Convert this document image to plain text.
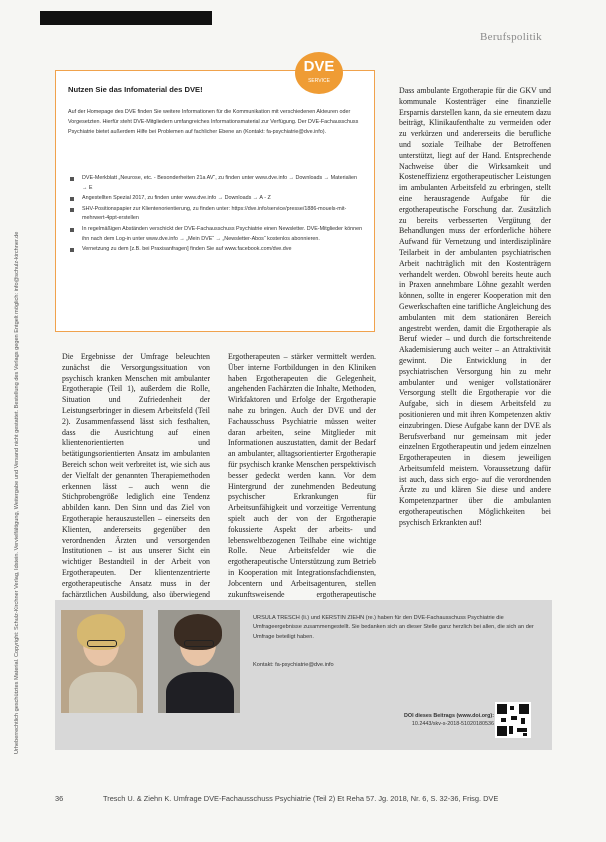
Berufspolitik
Urheberrechtlich geschütztes Material. Copyright: Schulz-Kirchner Verlag, Idstein. Vervielfältigung, Weitergabe und Versand nicht gestattet. Bestellung des Verlags gegen Entgelt möglich: info@schulz-kirchner.de
Nutzen Sie das Infomaterial des DVE!

Auf der Homepage des DVE finden Sie weitere Informationen für die Kommunikation mit verschiedenen Akteuren oder Vorgesetzten. Hierfür steht DVE-Mitgliedern umfangreiches Informationsmaterial zur Verfügung. Der DVE-Fachausschuss Psychiatrie bietet außerdem Hilfe bei Problemen auf fachlicher Ebene an (Kontakt: fa-psychiatrie@dve.info).

DVE-Merkblatt „Neurose, etc. - Besonderheiten 21a AV“, zu finden unter www.dve.info → Downloads → Materialien → E
Angestellten Spezial 2017, zu finden unter www.dve.info → Downloads → A - Z
SHV-Positionspapier zur Klientenorientierung, zu finden unter: https://dve.info/service/presse/1886-mouels-mit-mehrwert-4ppt-erstellen
In regelmäßigen Abständen verschickt der DVE-Fachausschuss Psychiatrie einen Newsletter. DVE-Mitglieder können ihn nach dem Log-in unter www.dve.info → „Mein DVE“ → „Newsletter-Abos“ kostenlos abonnieren.
Vernetzung zu dem [z.B. bei Praxisanfragen] finden Sie auf www.facebook.com/dve.dve
DVE
SERVICE

Die Ergebnisse der Umfrage beleuchten zunächst die Versorgungssituation von psychisch kranken Menschen mit ambulanter Ergotherapie (Teil 1), außerdem die Rolle, Situation und Zufriedenheit der Leistungserbringer in diesem Arbeitsfeld (Teil 2). Zusammenfassend lässt sich festhalten, dass die Ausrichtung auf einen klientenorientierten und betätigungsorientierten Ansatz im ambulanten Bereich schon weit verbreitet ist, wie sich aus der Vielfalt der genannten Therapiemethoden erkennen lässt – auch wenn die Stichprobengröße lediglich eine Tendenz abbilden kann. Den Sinn und das Ziel von Ergotherapie herauszustellen – einerseits den Klienten, andererseits gegenüber den verordnenden Ärzten und versorgenden Institutionen – ist aus unserer Sicht ein wichtiger Bestandteil in der Arbeit von Ergotherapeuten. Der klientenzentrierte ergotherapeutische Ansatz muss in der fachärztlichen Ausbildung, also überwiegend

Ergotherapeuten – stärker vermittelt werden. Über interne Fortbildungen in den Kliniken haben Ergotherapeuten die Gelegenheit, angehenden Fachärzten die Inhalte, Methoden, Wirkfaktoren und Erfolge der Ergotherapie nahe zu bringen. Auch der DVE und der Fachausschuss Psychiatrie müssen weiter daran arbeiten, seine Mitglieder mit Informationen auszustatten, damit der Bedarf an ambulanter, alltagsorientierter Ergotherapie für psychisch kranke Menschen perspektivisch besser gedeckt werden kann. Vor dem Hintergrund der zunehmenden Bedeutung psychischer Erkrankungen für Arbeitsunfähigkeit und vorzeitige Verrentung spielt auch der von der Ergotherapie fokussierte Aspekt der arbeits- und lebensweltbezogenen Teilhabe eine wichtige Rolle. Neue Arbeitsfelder wie die ergotherapeutische Unterstützung zum Betrieb in Kooperation mit Integrationsfachdiensten, Jobcentern und Arbeitsagenturen, stellen zukunftsweisende ergotherapeutische

Dass ambulante Ergotherapie für die GKV und kommunale Kostenträger eine finanzielle Ersparnis darstellen kann, da sie erneutem dazu beiträgt, Klinikaufenthalte zu vermeiden oder zu verkürzen und andererseits die berufliche und soziale Teilhabe der Betroffenen unterstützt, liegt auf der Hand. Entsprechende Nachweise über die Wirksamkeit und Kosteneffizienz ergotherapeutischer Leistungen im ambulanten Arbeitsfeld zu erbringen, stellt eine herausragende Aufgabe für die ergotherapeutische Forschung dar. Zusätzlich zu bereits verbesserten Vergütung der Behandlungen muss der erforderliche höhere Aufwand für Vernetzung und interdisziplinäre Teilarbeit in der ambulanten psychiatrischen Arbeit nachträglich mit den Kostenträgern verhandelt werden. Obwohl bereits heute auch in Praxen annehmbare Löhne gezahlt werden können, sollte in engerer Kooperation mit den Gewerkschaften eine tarifliche Angleichung des ambulanten mit dem stationären Bereich angestrebt werden, damit die Ergotherapie als Beruf wieder – und durch die fortschreitende Akademisierung auch weiter – an Attraktivität gewinnt. Die Entwicklung in der psychiatrischen Versorgung hin zu mehr ambulanter und weniger vollstationärer Versorgung stellt die Ergotherapie vor die Aufgabe, sich in diesem Arbeitsfeld zu positionieren und mit ihren Kompetenzen aktiv einzubringen. Diese Aufgabe kann der DVE als Berufsverband nur gemeinsam mit jeder einzelnen Ergotherapeutin und jedem einzelnen Ergotherapeuten in diesem jeweiligen Arbeitsumfeld meistern. Voraussetzung dafür ist auch, dass sich ergo- auf die verordnenden Ärzte zu und klären Sie diese und andere Kompetenzpartner über die ambulanten ergotherapeutischen Möglichkeiten bei psychisch Erkrankten auf!

URSULA TRESCH (li.) und KERSTIN ZIEHN (re.) haben für den DVE-Fachausschuss Psychiatrie die Umfrageergebnisse zusammengestellt. Sie bedanken sich an dieser Stelle ganz herzlich bei allen, die sich an der Umfrage beteiligt haben.

Kontakt: fa-psychiatrie@dve.info
DOI dieses Beitrags (www.doi.org):
10.2443/skv-s-2018-51020180536
36	Tresch U. & Ziehn K. Umfrage DVE-Fachausschuss Psychiatrie (Teil 2) Et Reha 57. Jg. 2018, Nr. 6, S. 32-36, Frisg. DVE
